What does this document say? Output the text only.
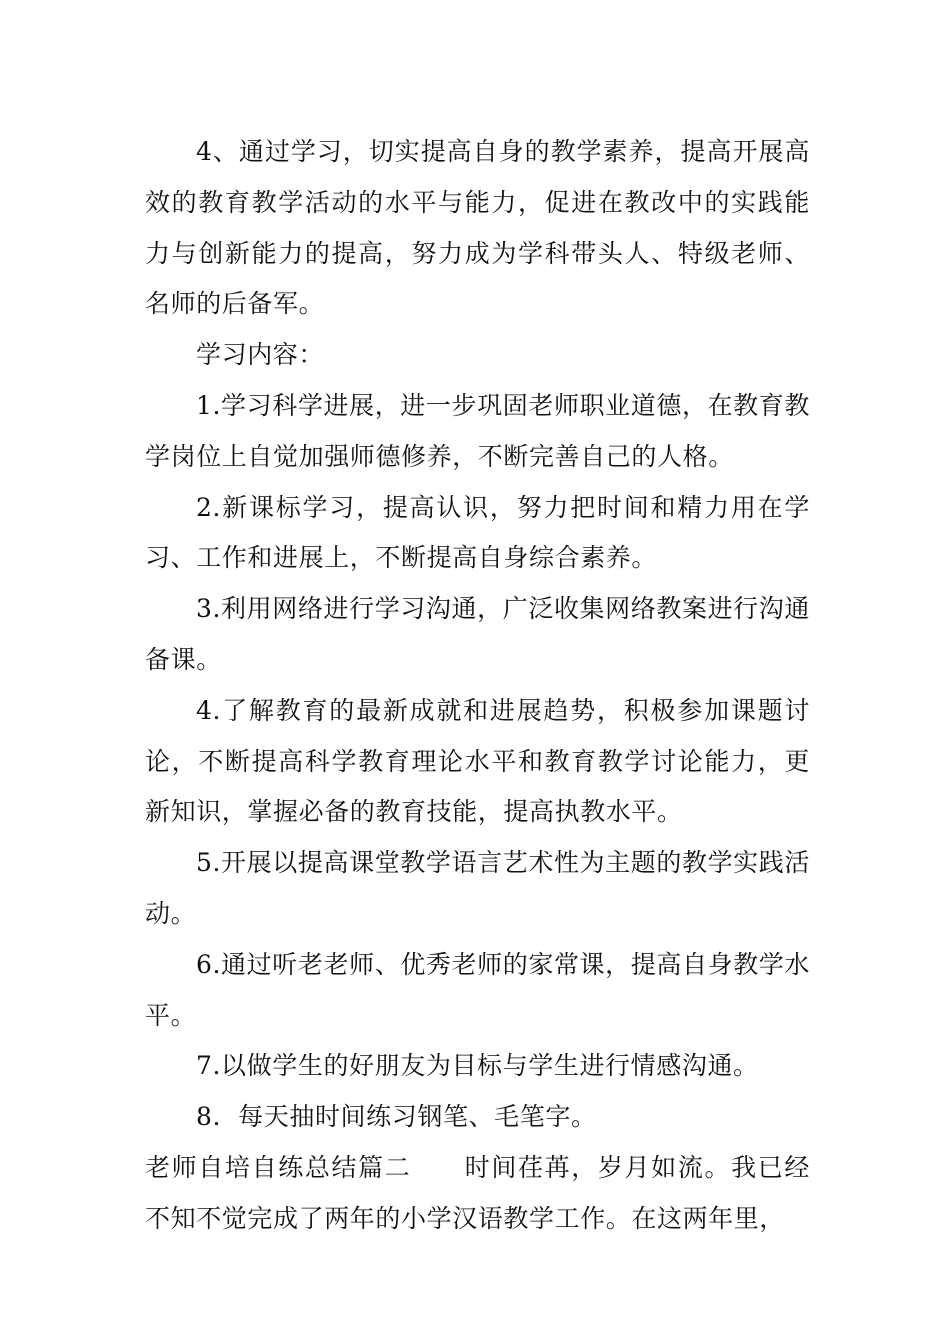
4、通过学习，切实提高自身的教学素养，提高开展高效的教育教学活动的水平与能力，促进在教改中的实践能力与创新能力的提高，努力成为学科带头人、特级老师、名师的后备军。

学习内容：

1.学习科学进展，进一步巩固老师职业道德，在教育教学岗位上自觉加强师德修养，不断完善自己的人格。

2.新课标学习，提高认识，努力把时间和精力用在学习、工作和进展上，不断提高自身综合素养。

3.利用网络进行学习沟通，广泛收集网络教案进行沟通备课。

4.了解教育的最新成就和进展趋势，积极参加课题讨论，不断提高科学教育理论水平和教育教学讨论能力，更新知识，掌握必备的教育技能，提高执教水平。

5.开展以提高课堂教学语言艺术性为主题的教学实践活动。

6.通过听老老师、优秀老师的家常课，提高自身教学水平。

7.以做学生的好朋友为目标与学生进行情感沟通。

8.  每天抽时间练习钢笔、毛笔字。

老师自培自练总结篇二　　时间荏苒，岁月如流。我已经不知不觉完成了两年的小学汉语教学工作。在这两年里，
